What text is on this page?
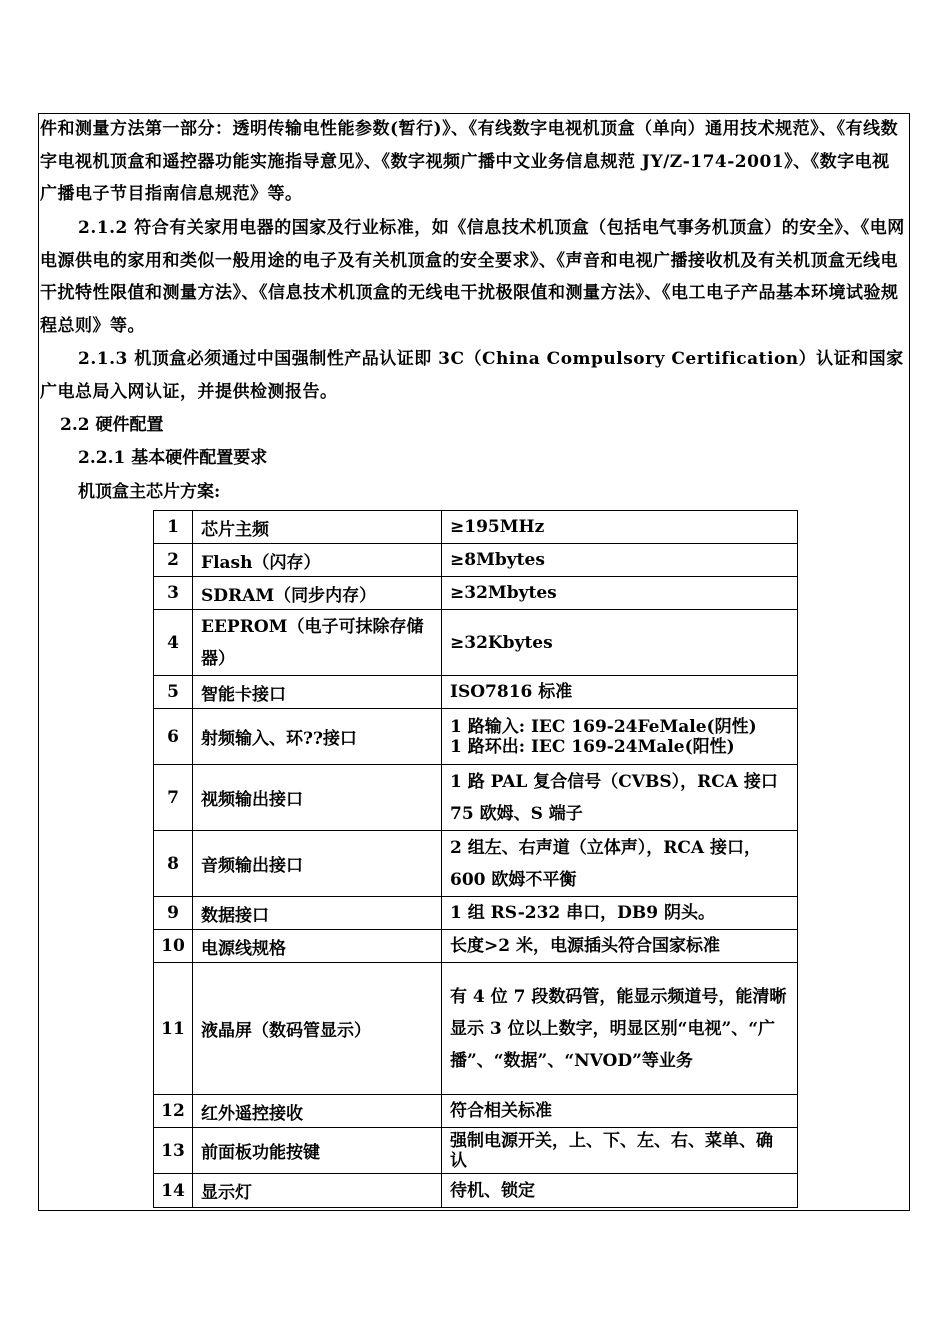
件和测量方法第一部分：透明传输电性能参数(暂行)》、《有线数字电视机顶盒（单向）通用技术规范》、《有线数字电视机顶盒和遥控器功能实施指导意见》、《数字视频广播中文业务信息规范 JY/Z-174-2001》、《数字电视广播电子节目指南信息规范》等。

2.1.2 符合有关家用电器的国家及行业标准，如《信息技术机顶盒（包括电气事务机顶盒）的安全》、《电网电源供电的家用和类似一般用途的电子及有关机顶盒的安全要求》、《声音和电视广播接收机及有关机顶盒无线电干扰特性限值和测量方法》、《信息技术机顶盒的无线电干扰极限值和测量方法》、《电工电子产品基本环境试验规程总则》等。

2.1.3 机顶盒必须通过中国强制性产品认证即 3C（China Compulsory Certification）认证和国家广电总局入网认证，并提供检测报告。

2.2 硬件配置
2.2.1 基本硬件配置要求
机顶盒主芯片方案:
1	芯片主频	≥195MHz
2	Flash（闪存）	≥8Mbytes
3	SDRAM（同步内存）	≥32Mbytes
4	EEPROM（电子可抹除存储器）	≥32Kbytes
5	智能卡接口	ISO7816 标准
6	射频输入、环??接口	1 路输入: IEC 169-24FeMale(阴性)
1 路环出: IEC 169-24Male(阳性)
7	视频输出接口	1 路 PAL 复合信号（CVBS），RCA 接口 75 欧姆、S 端子
8	音频输出接口	2 组左、右声道（立体声），RCA 接口，600 欧姆不平衡
9	数据接口	1 组 RS-232 串口，DB9 阴头。
10	电源线规格	长度>2 米，电源插头符合国家标准
11	液晶屏（数码管显示）	有 4 位 7 段数码管，能显示频道号，能清晰显示 3 位以上数字，明显区别“电视”、“广播”、“数据”、“NVOD”等业务
12	红外遥控接收	符合相关标准
13	前面板功能按键	强制电源开关，上、下、左、右、菜单、确认
14	显示灯	待机、锁定
